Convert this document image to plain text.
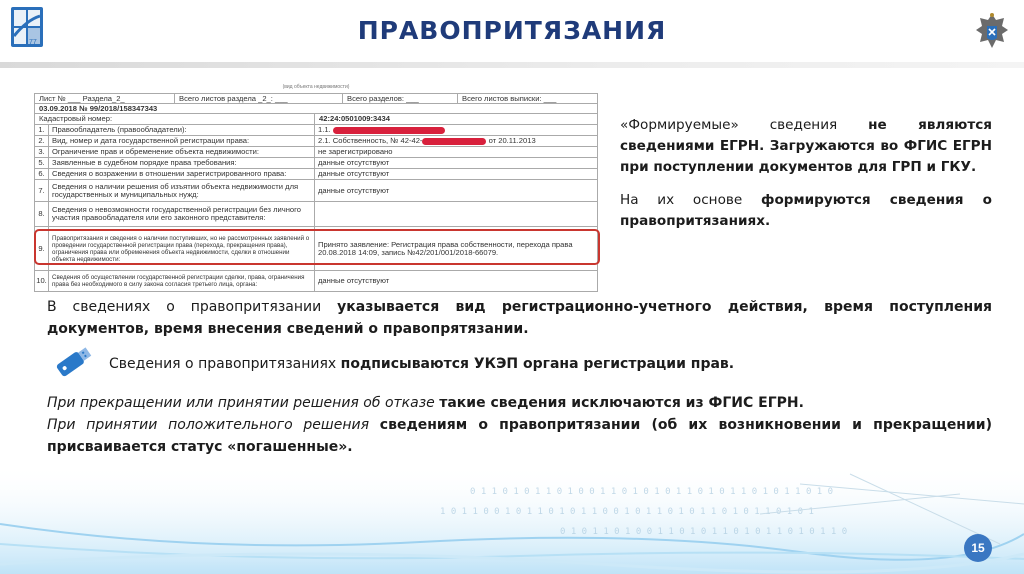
77	ПРАВОПРИТЯЗАНИЯ
(вид объекта недвижимости)
Лист № ___ Раздела_2_	Всего листов раздела _2_: ___	Всего разделов: ___	Всего листов выписки: ___
03.09.2018 № 99/2018/158347343
Кадастровый номер:	42:24:0501009:3434
1.	Правообладатель (правообладатели):	1.1.
2.	Вид, номер и дата государственной регистрации права:	2.1. Собственность, № 42-42- от 20.11.2013
3.	Ограничение прав и обременение объекта недвижимости:	не зарегистрировано
5.	Заявленные в судебном порядке права требования:	данные отсутствуют
6.	Сведения о возражении в отношении зарегистрированного права:	данные отсутствуют
7.	Сведения о наличии решения об изъятии объекта недвижимости для государственных и муниципальных нужд:	данные отсутствуют
8.	Сведения о невозможности государственной регистрации без личного участия правообладателя или его законного представителя:	
9.	Правопритязания и сведения о наличии поступивших, но не рассмотренных заявлений о проведении государственной регистрации права (перехода, прекращения права), ограничения права или обременения объекта недвижимости, сделки в отношении объекта недвижимости:	Принято заявление: Регистрация права собственности, перехода права 20.08.2018 14:09, запись №42/201/001/2018-66079.
10.	Сведения об осуществлении государственной регистрации сделки, права, ограничения права без необходимого в силу закона согласия третьего лица, органа:	данные отсутствуют

«Формируемые» сведения не являются сведениями ЕГРН. Загружаются во ФГИС ЕГРН при поступлении документов для ГРП и ГКУ.

На их основе формируются сведения о правопритязаниях.

В сведениях о правопритязании указывается вид регистрационно-учетного действия, время поступления документов, время внесения сведений о правопрятязании.
Сведения о правопритязаниях подписываются УКЭП органа регистрации прав.
При прекращении или принятии решения об отказе такие сведения исключаются из ФГИС ЕГРН.
При принятии положительного решения сведениям о правопритязании (об их возникновении и прекращении) присваивается статус «погашенные».
0 1 1 0 1 0 1 1 0 1 0 0 1 1 0 1 0 1 0 1 1 0 1 0 1 1 0 1 0 1 1 0 1 0
1 0 1 1 0 0 1 0 1 1 0 1 0 1 1 0 0 1 0 1 1 0 1 0 1 1 0 1 0 1 1 0 1 0 1
0 1 0 1 1 0 1 0 0 1 1 0 1 0 1 1 0 1 0 1 1 0 1 0 1 1 0
15
